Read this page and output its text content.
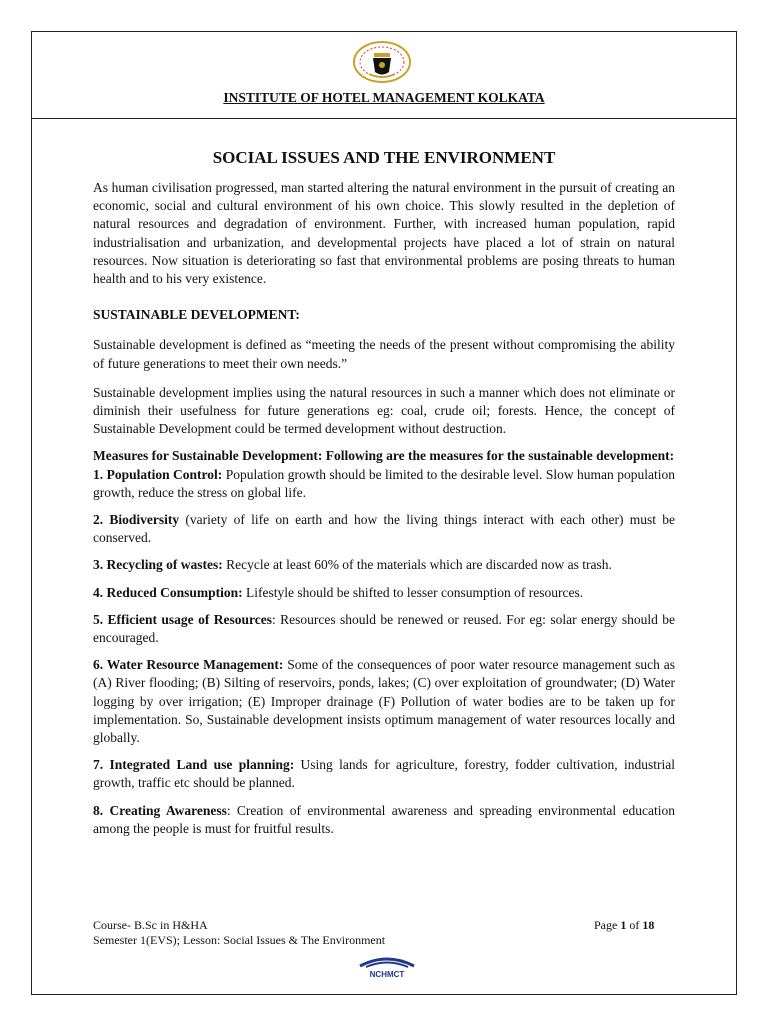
INSTITUTE OF HOTEL MANAGEMENT KOLKATA
SOCIAL ISSUES AND THE ENVIRONMENT

As human civilisation progressed, man started altering the natural environment in the pursuit of creating an economic, social and cultural environment of his own choice. This slowly resulted in the depletion of natural resources and degradation of environment. Further, with increased human population, rapid industrialisation and urbanization, and developmental projects have placed a lot of strain on natural resources. Now situation is deteriorating so fast that environmental problems are posing threats to human health and to his very existence.

SUSTAINABLE DEVELOPMENT:

Sustainable development is defined as “meeting the needs of the present without compromising the ability of future generations to meet their own needs.”

Sustainable development implies using the natural resources in such a manner which does not eliminate or diminish their usefulness for future generations eg: coal, crude oil; forests. Hence, the concept of Sustainable Development could be termed development without destruction.

Measures for Sustainable Development: Following are the measures for the sustainable development:

1. Population Control: Population growth should be limited to the desirable level. Slow human population growth, reduce the stress on global life.

2. Biodiversity (variety of life on earth and how the living things interact with each other) must be conserved.

3. Recycling of wastes: Recycle at least 60% of the materials which are discarded now as trash.

4. Reduced Consumption: Lifestyle should be shifted to lesser consumption of resources.

5. Efficient usage of Resources: Resources should be renewed or reused. For eg: solar energy should be encouraged.

6. Water Resource Management: Some of the consequences of poor water resource management such as (A) River flooding; (B) Silting of reservoirs, ponds, lakes; (C) over exploitation of groundwater; (D) Water logging by over irrigation; (E) Improper drainage (F) Pollution of water bodies are to be taken up for implementation. So, Sustainable development insists optimum management of water resources locally and globally.

7. Integrated Land use planning: Using lands for agriculture, forestry, fodder cultivation, industrial growth, traffic etc should be planned.

8. Creating Awareness: Creation of environmental awareness and spreading environmental education among the people is must for fruitful results.

Course- B.Sc in H&HA
Semester 1(EVS); Lesson: Social Issues & The Environment
Page 1 of 18
NCHMCT
